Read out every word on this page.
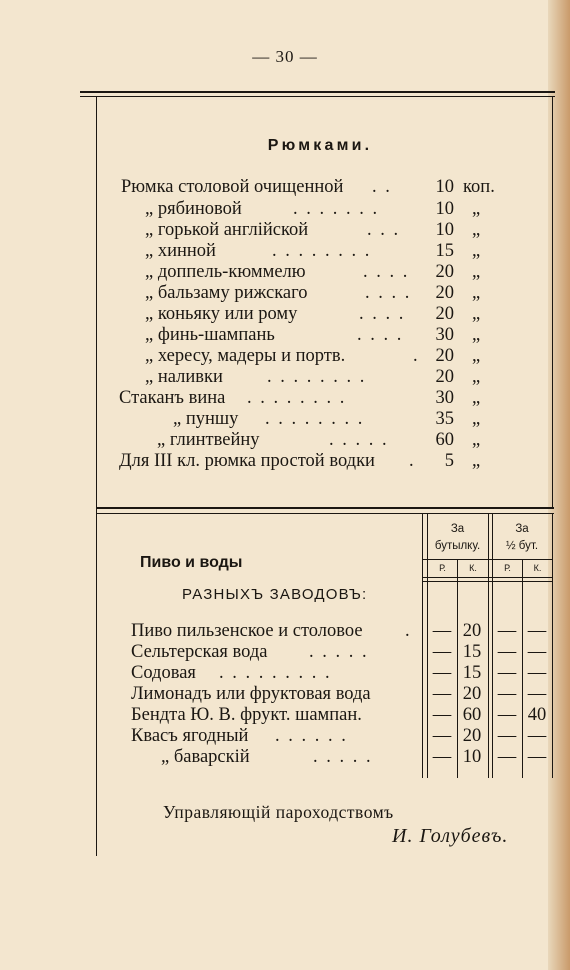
— 30 —
Рюмками.
Рюмка столовой очищенной . .	10 коп.
„ рябиновой	. . . . . . .	10 „
„ горькой англiйской	. . .	10 „
„ хинной	. . . . . . . .	15 „
„ доппель-кюммелю	. . . .	20 „
„ бальзаму рижскаго	. . . .	20 „
„ коньяку или рому	. . . .	20 „
„ финь-шампань	. . . .	30 „
„ хересу, мадеры и портв.	. 20 „
„ наливки . . . . . . . .	20 „
Стаканъ вина . . . . . . . .	30 „
„ пуншу . . . . . . . .	35 „
„ глинтвейну	. . . . .	60 „
Для III кл. рюмка простой водки .	5 „
За
бутылку.
За
½ бут.
Р.	К.	Р.	К.
Пиво и воды
РАЗНЫХЪ ЗАВОДОВЪ:
Пиво пильзенское и столовое .	— 20 — —
Сельтерская вода . . . . .	— 15 — —
Содовая . . . . . . . . .	— 15 — —
Лимонадъ или фруктовая вода	— 20 — —
Бендта Ю. В. фрукт. шампан.	— 60 — 40
Квасъ ягодный . . . . . .	— 20 — —
„ баварскiй	. . . . .	— 10 — —
Управляющiй пароходствомъ
И. Голубевъ.
